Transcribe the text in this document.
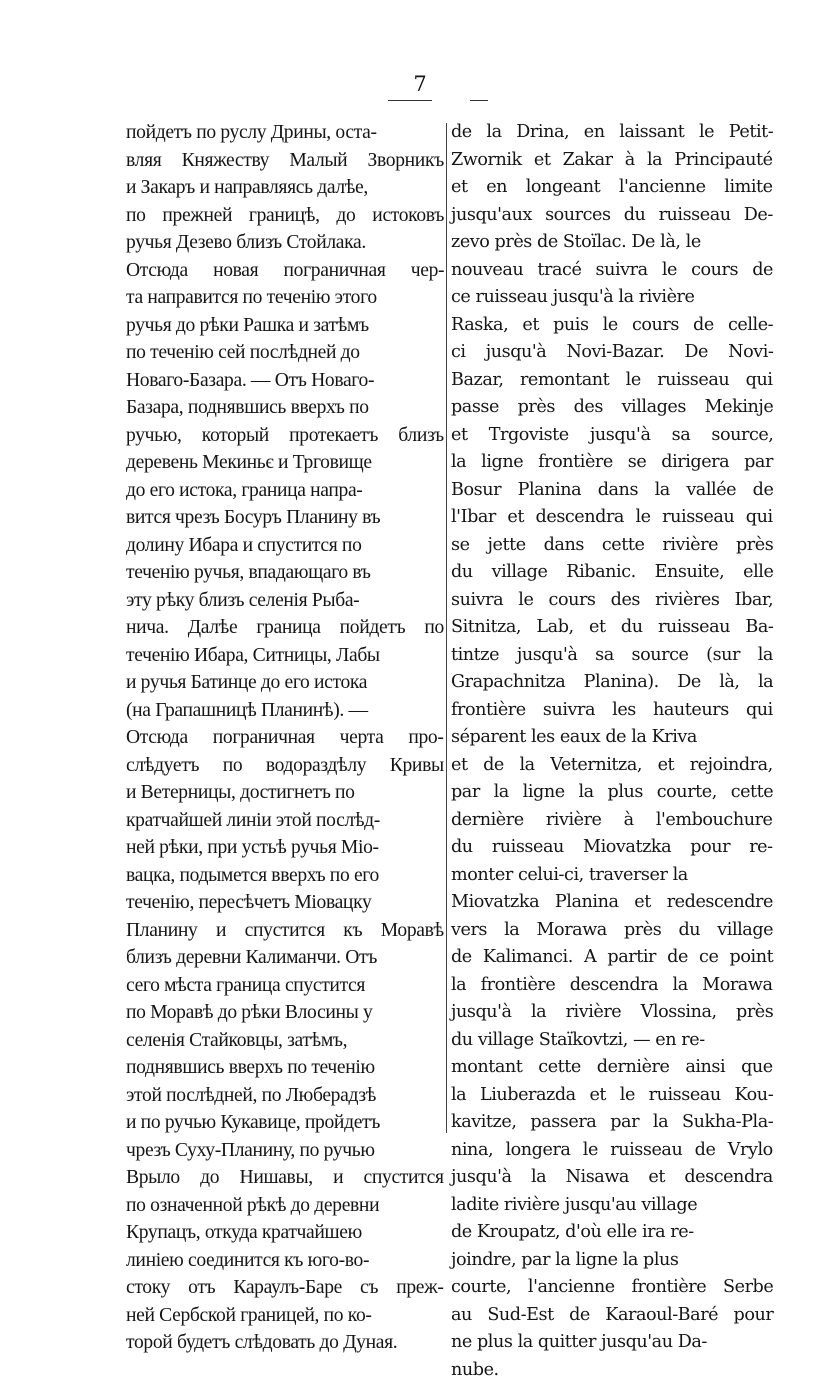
7
пойдетъ по руслу Дрины, оста-
вляя Княжеству Малый Зворникъ
и Закаръ и направляясь далѣе,
по прежней границѣ, до истоковъ
ручья Дезево близъ Стойлака.
Отсюда новая пограничная чер-
та направится по теченію этого
ручья до рѣки Рашка и затѣмъ
по теченію сей послѣдней до
Новаго-Базара. — Отъ Новаго-
Базара, поднявшись вверхъ по
ручью, который протекаетъ близъ
деревень Мекиньє и Трговище
до его истока, граница напра-
вится чрезъ Босуръ Планину въ
долину Ибара и спустится по
теченію ручья, впадающаго въ
эту рѣку близъ селенія Рыба-
нича. Далѣе граница пойдетъ по
теченію Ибара, Ситницы, Лабы
и ручья Батинце до его истока
(на Грапашницѣ Планинѣ). —
Отсюда пограничная черта про-
слѣдуетъ по водораздѣлу Кривы
и Ветерницы, достигнетъ по
кратчайшей линіи этой послѣд-
ней рѣки, при устьѣ ручья Міо-
вацка, подымется вверхъ по его
теченію, пересѣчетъ Міовацку
Планину и спустится къ Моравѣ
близъ деревни Калиманчи. Отъ
сего мѣста граница спустится
по Моравѣ до рѣки Влосины у
селенія Стайковцы, затѣмъ,
поднявшись вверхъ по теченію
этой послѣдней, по Люберадзѣ
и по ручью Кукавице, пройдетъ
чрезъ Суху-Планину, по ручью
Врыло до Нишавы, и спустится
по означенной рѣкѣ до деревни
Крупацъ, откуда кратчайшею
линіею соединится къ юго-во-
стоку отъ Караулъ-Баре съ преж-
ней Сербской границей, по ко-
торой будетъ слѣдовать до Дуная.
de la Drina, en laissant le Petit-
Zwornik et Zakar à la Principauté
et en longeant l'ancienne limite
jusqu'aux sources du ruisseau De-
zevo près de Stoïlac. De là, le
nouveau tracé suivra le cours de
ce ruisseau jusqu'à la rivière
Raska, et puis le cours de celle-
ci jusqu'à Novi-Bazar. De Novi-
Bazar, remontant le ruisseau qui
passe près des villages Mekinje
et Trgoviste jusqu'à sa source,
la ligne frontière se dirigera par
Bosur Planina dans la vallée de
l'Ibar et descendra le ruisseau qui
se jette dans cette rivière près
du village Ribanic. Ensuite, elle
suivra le cours des rivières Ibar,
Sitnitza, Lab, et du ruisseau Ba-
tintze jusqu'à sa source (sur la
Grapachnitza Planina). De là, la
frontière suivra les hauteurs qui
séparent les eaux de la Kriva
et de la Veternitza, et rejoindra,
par la ligne la plus courte, cette
dernière rivière à l'embouchure
du ruisseau Miovatzka pour re-
monter celui-ci, traverser la
Miovatzka Planina et redescendre
vers la Morawa près du village
de Kalimanci. A partir de ce point
la frontière descendra la Morawa
jusqu'à la rivière Vlossina, près
du village Staïkovtzi, — en re-
montant cette dernière ainsi que
la Liuberazda et le ruisseau Kou-
kavitze, passera par la Sukha-Pla-
nina, longera le ruisseau de Vrylo
jusqu'à la Nisawa et descendra
ladite rivière jusqu'au village
de Kroupatz, d'où elle ira re-
joindre, par la ligne la plus
courte, l'ancienne frontière Serbe
au Sud-Est de Karaoul-Baré pour
ne plus la quitter jusqu'au Da-
nube.
